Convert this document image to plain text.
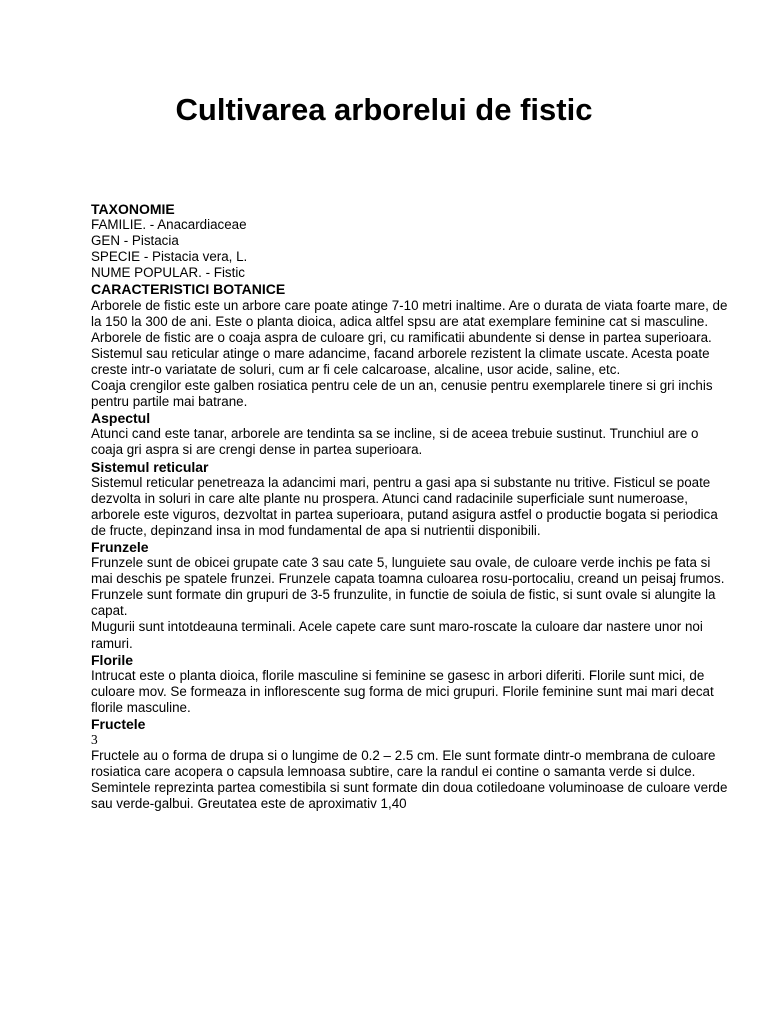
Cultivarea arborelui de fistic

TAXONOMIE

FAMILIE. - Anacardiaceae

GEN - Pistacia

SPECIE - Pistacia vera, L.

NUME POPULAR. - Fistic

CARACTERISTICI BOTANICE

Arborele de fistic este un arbore care poate atinge 7-10 metri inaltime. Are o durata de viata foarte mare, de la 150 la 300 de ani. Este o planta dioica, adica altfel spsu are atat exemplare feminine cat si masculine.

Arborele de fistic are o coaja aspra de culoare gri, cu ramificatii abundente si dense in partea superioara. Sistemul sau reticular atinge o mare adancime, facand arborele rezistent la climate uscate. Acesta poate creste intr-o variatate de soluri, cum ar fi cele calcaroase, alcaline, usor acide, saline, etc.

Coaja crengilor este galben rosiatica pentru cele de un an, cenusie pentru exemplarele tinere si gri inchis pentru partile mai batrane.

Aspectul

Atunci cand este tanar, arborele are tendinta sa se incline, si de aceea trebuie sustinut. Trunchiul are o coaja gri aspra si are crengi dense in partea superioara.

Sistemul reticular

Sistemul reticular penetreaza la adancimi mari, pentru a gasi apa si substante nu tritive. Fisticul se poate dezvolta in soluri in care alte plante nu prospera. Atunci cand radacinile superficiale sunt numeroase, arborele este viguros, dezvoltat in partea superioara, putand asigura astfel o productie bogata si periodica de fructe, depinzand insa in mod fundamental de apa si nutrientii disponibili.

Frunzele

Frunzele sunt de obicei grupate cate 3 sau cate 5, lunguiete sau ovale, de culoare verde inchis pe fata si mai deschis pe spatele frunzei. Frunzele capata toamna culoarea rosu-portocaliu, creand un peisaj frumos.

Frunzele sunt formate din grupuri de 3-5 frunzulite, in functie de soiula de fistic, si sunt ovale si alungite la capat.

Mugurii sunt intotdeauna terminali. Acele capete care sunt maro-roscate la culoare dar nastere unor noi ramuri.

Florile

Intrucat este o planta dioica, florile masculine si feminine se gasesc in arbori diferiti. Florile sunt mici, de culoare mov. Se formeaza in inflorescente sug forma de mici grupuri. Florile feminine sunt mai mari decat florile masculine.

Fructele

3

Fructele au o forma de drupa si o lungime de 0.2 – 2.5 cm. Ele sunt formate dintr-o membrana de culoare rosiatica care acopera o capsula lemnoasa subtire, care la randul ei contine o samanta verde si dulce.

Semintele reprezinta partea comestibila si sunt formate din doua cotiledoane voluminoase de culoare verde sau verde-galbui. Greutatea este de aproximativ 1,40
